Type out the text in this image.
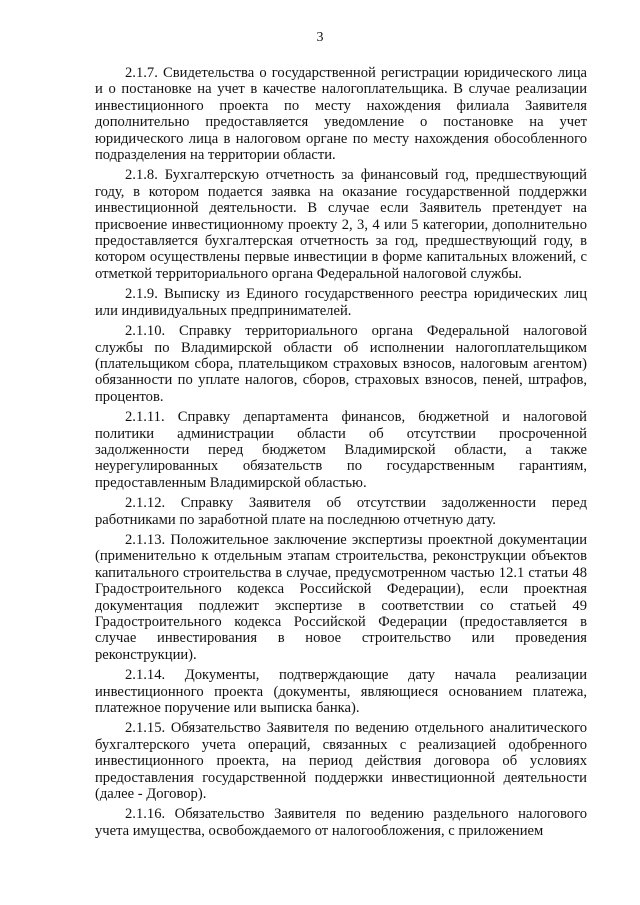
3

2.1.7. Свидетельства о государственной регистрации юридического лица и о постановке на учет в качестве налогоплательщика. В случае реализации инвестиционного проекта по месту нахождения филиала Заявителя дополнительно предоставляется уведомление о постановке на учет юридического лица в налоговом органе по месту нахождения обособленного подразделения на территории области.

2.1.8. Бухгалтерскую отчетность за финансовый год, предшествующий году, в котором подается заявка на оказание государственной поддержки инвестиционной деятельности. В случае если Заявитель претендует на присвоение инвестиционному проекту 2, 3, 4 или 5 категории, дополнительно предоставляется бухгалтерская отчетность за год, предшествующий году, в котором осуществлены первые инвестиции в форме капитальных вложений, с отметкой территориального органа Федеральной налоговой службы.

2.1.9. Выписку из Единого государственного реестра юридических лиц или индивидуальных предпринимателей.

2.1.10. Справку территориального органа Федеральной налоговой службы по Владимирской области об исполнении налогоплательщиком (плательщиком сбора, плательщиком страховых взносов, налоговым агентом) обязанности по уплате налогов, сборов, страховых взносов, пеней, штрафов, процентов.

2.1.11. Справку департамента финансов, бюджетной и налоговой политики администрации области об отсутствии просроченной задолженности перед бюджетом Владимирской области, а также неурегулированных обязательств по государственным гарантиям, предоставленным Владимирской областью.

2.1.12. Справку Заявителя об отсутствии задолженности перед работниками по заработной плате на последнюю отчетную дату.

2.1.13. Положительное заключение экспертизы проектной документации (применительно к отдельным этапам строительства, реконструкции объектов капитального строительства в случае, предусмотренном частью 12.1 статьи 48 Градостроительного кодекса Российской Федерации), если проектная документация подлежит экспертизе в соответствии со статьей 49 Градостроительного кодекса Российской Федерации (предоставляется в случае инвестирования в новое строительство или проведения реконструкции).

2.1.14. Документы, подтверждающие дату начала реализации инвестиционного проекта (документы, являющиеся основанием платежа, платежное поручение или выписка банка).

2.1.15. Обязательство Заявителя по ведению отдельного аналитического бухгалтерского учета операций, связанных с реализацией одобренного инвестиционного проекта, на период действия договора об условиях предоставления государственной поддержки инвестиционной деятельности (далее - Договор).

2.1.16. Обязательство Заявителя по ведению раздельного налогового учета имущества, освобождаемого от налогообложения, с приложением
